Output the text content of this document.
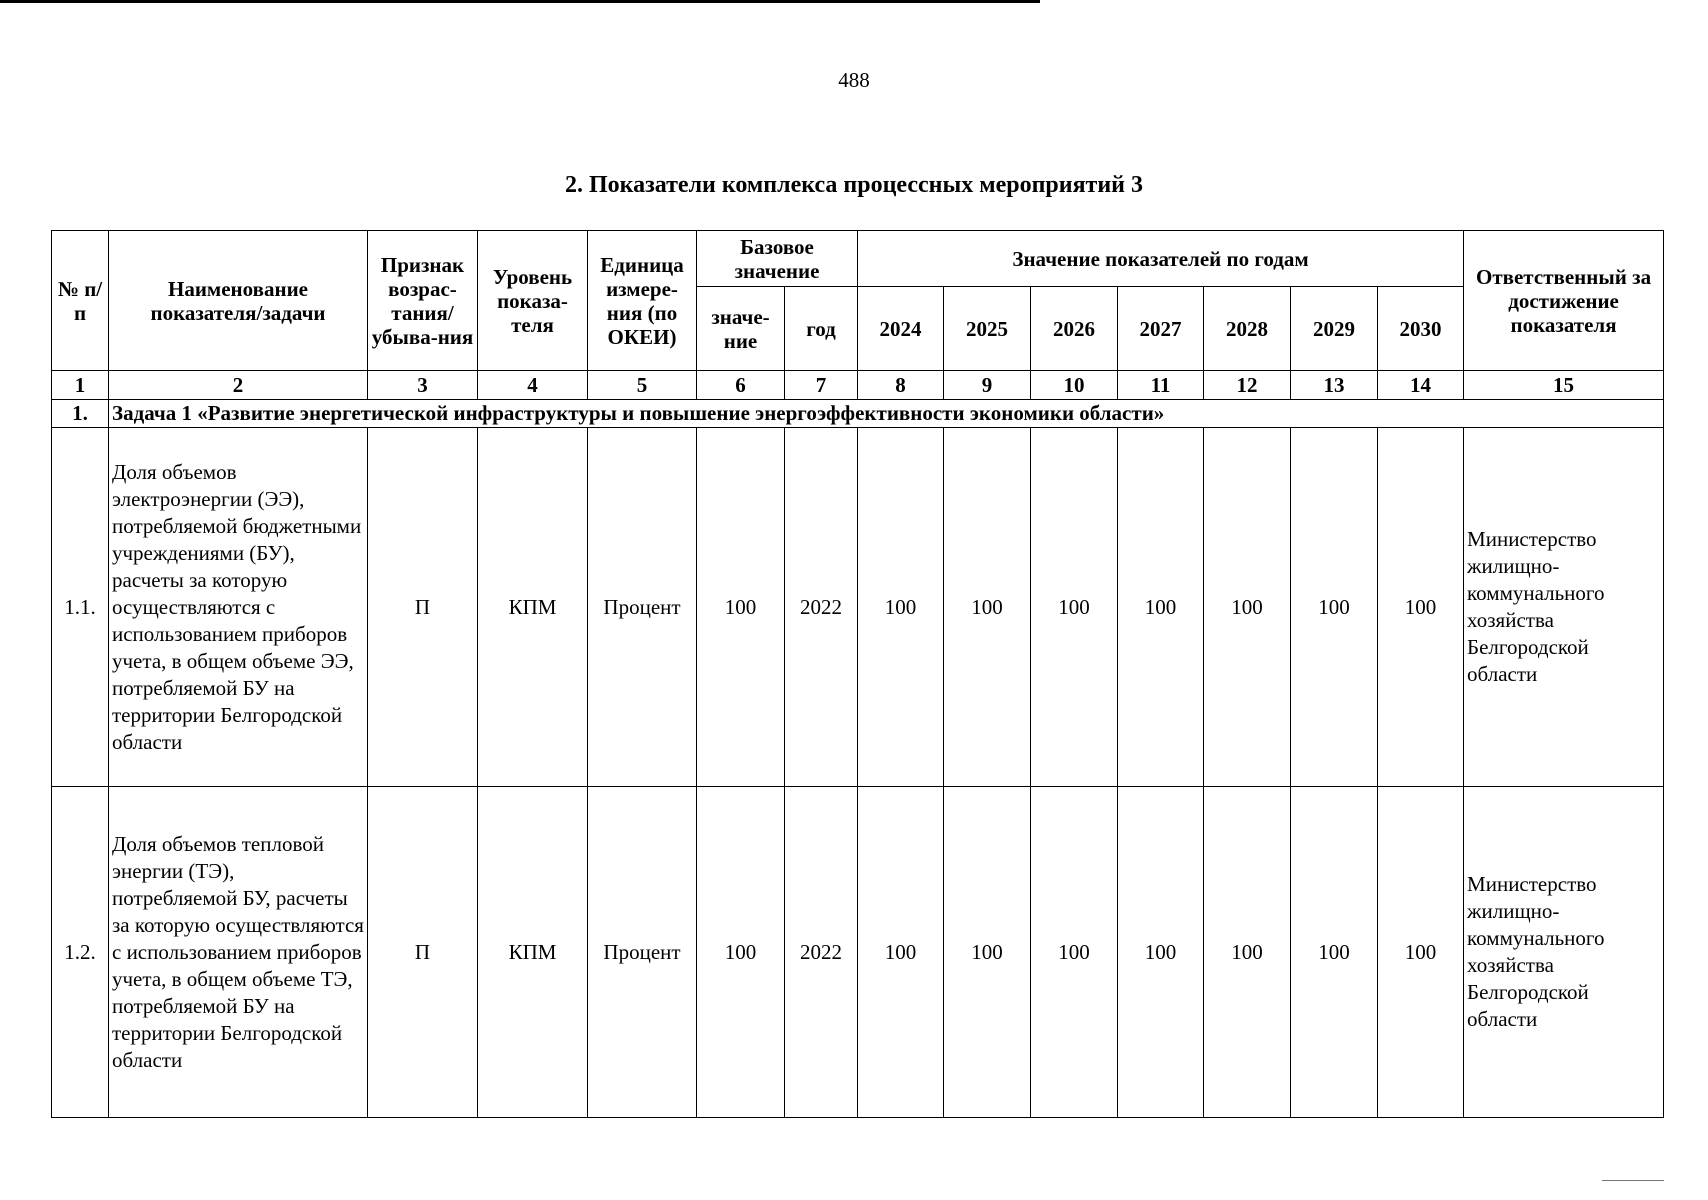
488
2. Показатели комплекса процессных мероприятий 3
№ п/п	Наименование показателя/задачи	Признак возрас-тания/ убыва-ния	Уровень показа-теля	Единица измере-ния (по ОКЕИ)	Базовое значение		Значение показателей по годам							Ответственный за достижение показателя
					значе-ние	год	2024	2025	2026	2027	2028	2029	2030	
1	2	3	4	5	6	7	8	9	10	11	12	13	14	15
1.	Задача 1 «Развитие энергетической инфраструктуры и повышение энергоэффективности экономики области»													
1.1.	Доля объемов электроэнергии (ЭЭ), потребляемой бюджетными учреждениями (БУ), расчеты за которую осуществляются с использованием приборов учета, в общем объеме ЭЭ, потребляемой БУ на территории Белгородской области	П	КПМ	Процент	100	2022	100	100	100	100	100	100	100	Министерство жилищно-коммунального хозяйства Белгородской области
1.2.	Доля объемов тепловой энергии (ТЭ), потребляемой БУ, расчеты за которую осуществляются с использованием приборов учета, в общем объеме ТЭ, потребляемой БУ на территории Белгородской области	П	КПМ	Процент	100	2022	100	100	100	100	100	100	100	Министерство жилищно-коммунального хозяйства Белгородской области
